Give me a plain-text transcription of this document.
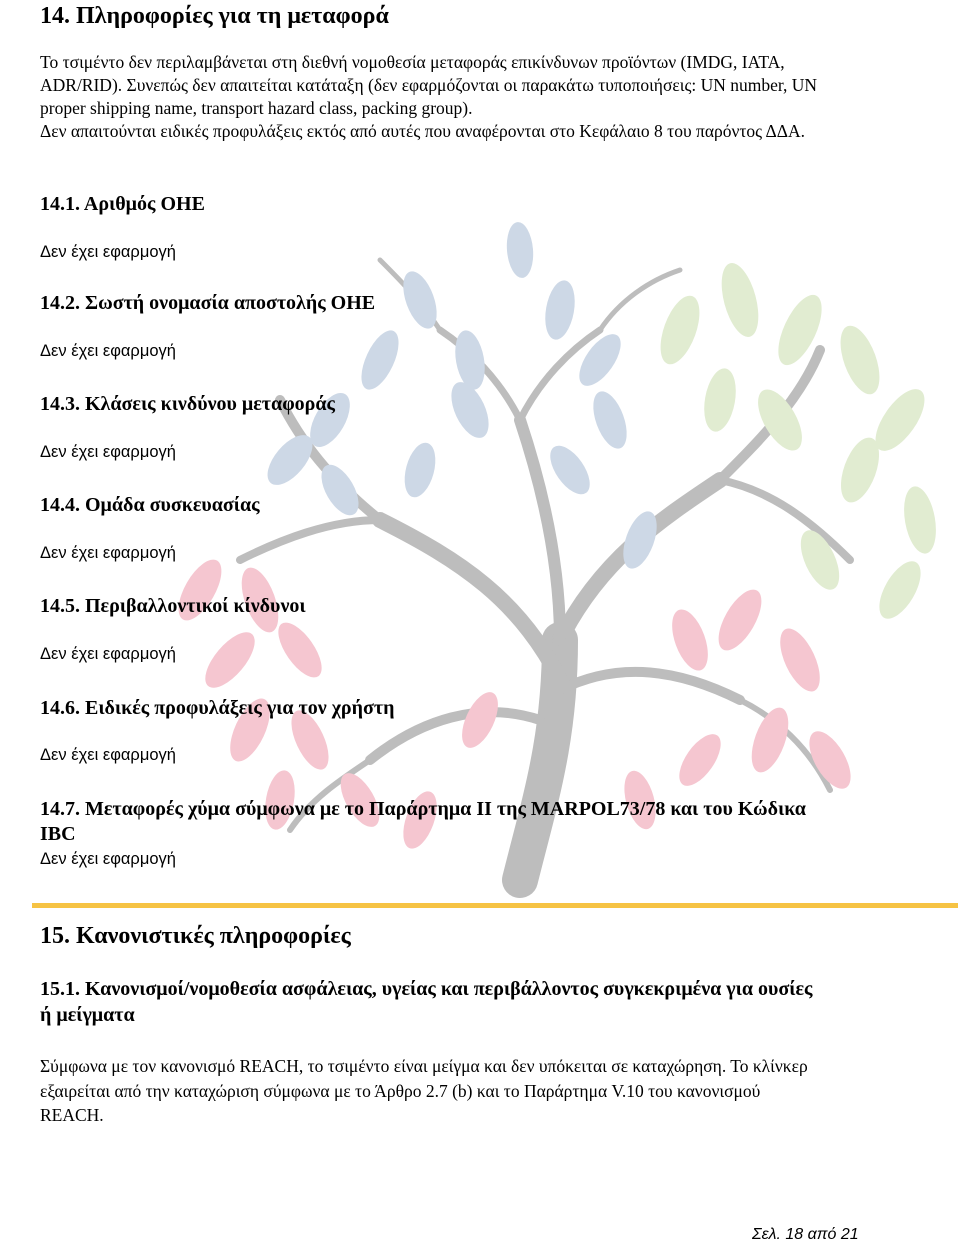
14. Πληροφορίες για τη μεταφορά

Το τσιμέντο δεν περιλαμβάνεται στη διεθνή νομοθεσία μεταφοράς επικίνδυνων προϊόντων (IMDG, IATA,

ADR/RID). Συνεπώς δεν απαιτείται κατάταξη (δεν εφαρμόζονται οι παρακάτω τυποποιήσεις: UN number, UN

proper shipping name, transport hazard class, packing group).

Δεν απαιτούνται ειδικές προφυλάξεις εκτός από αυτές που αναφέρονται στο Κεφάλαιο 8 του παρόντος ΔΔΑ.

14.1. Αριθμός ΟΗΕ

Δεν έχει εφαρμογή

14.2. Σωστή ονομασία αποστολής ΟΗΕ

Δεν έχει εφαρμογή

14.3. Κλάσεις κινδύνου μεταφοράς

Δεν έχει εφαρμογή

14.4. Ομάδα συσκευασίας

Δεν έχει εφαρμογή

14.5. Περιβαλλοντικοί κίνδυνοι

Δεν έχει εφαρμογή

14.6. Ειδικές προφυλάξεις για τον χρήστη

Δεν έχει εφαρμογή

14.7. Μεταφορές χύμα σύμφωνα με το Παράρτημα ΙΙ της MARPOL73/78 και του Κώδικα
IBC

Δεν έχει εφαρμογή

15. Κανονιστικές πληροφορίες
15.1. Κανονισμοί/νομοθεσία ασφάλειας, υγείας και περιβάλλοντος συγκεκριμένα για ουσίες
ή μείγματα

Σύμφωνα με τον κανονισμό REACH, το τσιμέντο είναι μείγμα και δεν υπόκειται σε καταχώρηση. Το κλίνκερ

εξαιρείται από την καταχώριση σύμφωνα με το Άρθρο 2.7 (b) και το Παράρτημα V.10 του κανονισμού

REACH.

Σελ. 18 από 21
